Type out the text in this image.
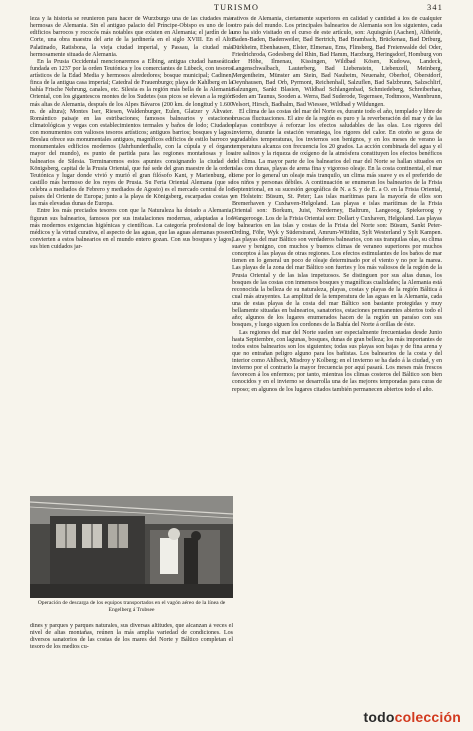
TURISMO	341

leza y la historia se reunieron para hacer de Wurzburgo una de las ciudades más hermosas de Alemania. Sin el antiguo palacio del Príncipe-Obispo es uno de los edificios barrocos y rococós más notables que existen en Alemania; el jardín de la Corte, una obra maestra del arte de la jardinería en el siglo XVIII. En el Alto Palatinado, Ratisbona, la vieja ciudad imperial, y Passau, la ciudad más hermosamente situada de Alemania.

En la Prusia Occidental mencionaremos a Elbing, antigua ciudad hanseática fundada en 1237 por la orden Teutónica y los comerciantes de Lübeck, con tesoros artísticos de la Edad Media y hermosos alrededores; bosque municipal; Cadinen, finca de la antigua casa imperial; Catedral de Frauenburgo; playa de Kahlberg en la bahía Frische Nehrung, canales, etc. Silesia es la región más bella de la Alemania Oriental, con los gigantescos montes de los Sudetes (sus picos se elevan a la región más altas de Alemania, después de los Alpes Bávaros (200 km. de longitud y 1.600 m. de altura); Montes Iser, Riesen, Waldenburger, Eulen, Glatzer y Altvater. Romántico paisaje en las estribaciones; famosos balnearios y estaciones climatológicas y vegas con establecimientos termales y baños de lodo; Ciudades con monumentos con valiosos tesoros artísticos; antiguos barrios; bosques y lagos. Breslau ofrece sus monumentales antiguos, magníficos edificios de estilo barroco y monumentales edificios modernos (Jahrhunderthalle, con la cúpula y el órgano mayor del mundo), es punto de partida para las regiones montañosas y los balnearios de Silesia. Terminaremos estos apuntes consignando la ciudad de Königsberg, capital de la Prusia Oriental, que fué sede del gran maestre de la orden Teutónica y lugar donde vivió y murió el gran filósofo Kant, y Marienburg, el castillo más hermoso de los reyes de Prusia. Su Feria Oriental Alemana (que se celebra a mediados de Febrero y mediados de Agosto) es el mercado central de los países del Oriente de Europa; junto a la playa de Königsberg, escarpadas costas y las más elevadas dunas de Europa.

Entre los más preciados tesoros con que la Naturaleza ha dotado a Alemania, figuran sus balnearios, famosos por sus instalaciones modernas, adaptadas a los más modernos exigencias higiénicas y científicas. La categoría profesional de los médicos y la virtud curativa, el aspecto de las aguas, que las aguas alemanas poseen convierten a estos balnearios en el mundo entero gozan. Con sus bosques y lagos, sus bien cuidados jar-

Operación de descarga de los equipos transportados en el vagón aéreo de la línea de Engelberg á Trubsee

dines y parques y parques naturales, sus diversas altitudes, que alcanzan á veces el nivel de altas montañas, reúnen la más amplia variedad de condiciones. Los diversos sanatorios de las costas de los mares del Norte y Báltico completan el tesoro de los medios cu-

rativos de Alemania, ciertamente superiores en calidad y cantidad á los de cualquier otro país del mundo. Los principales balnearios de Alemania son los siguientes, cada uno ha sido visitado en el curso de este artículo, son: Aquisgrán (Aachen), Altheide, Baden-Baden, Badenweiler, Bad Bertrich, Bad Brambach, Brückenau, Bad Driburg, Dürkheim, Ebenhausen, Elster, Elmenau, Ems, Flinsberg, Bad Freienwalde del Oder, Friedrichroda, Godesberg del Rhin, Bad Hamm, Harzburg, Heringsdorf, Homburg von der Höhe, Ilmenau, Kissingen, Wildbad Kösen, Kudowa, Landeck, Langenschwalbach, Lauterberg, Bad Liebenstein, Liebenzell, Meinberg, Mergentheim, Münster am Stein, Bad Nauheim, Neuenahr, Oberhof, Oberstdorf, Oeynhausen, Bad Orb, Pyrmont, Reichenhall, Salzuflen, Bad Salzbrunn, Salzschlirf, Salzungen, Sankt Blasien, Wildbad Schlangenbad, Schmiedeberg, Schreiberhau, Soden am Taunus, Sooden a. Werra, Bad Suderode, Tegernsee, Todtmoos, Wannbrunn, Velsort, Hirsch, Badhalm, Bad Wiessee, Wildbad y Wildungen.

El clima de las costas del mar del Norte es, durante todo el año, templado y libre de bruscas fluctuaciones. El aire de la región es puro y la reverberación del mar y de las playas contribuye á reforzar los efectos saludables de las olas. Los rigores del invierno, durante la estación veraniega, los rigores del calor. En otoño se goza de agradables temperaturas, los inviernos son benignos, y en los meses de verano la temperatura alcanza con frecuencia los 20 grados. La acción combinada del agua y el aire salinos y la riqueza de oxígeno de la atmósfera constituyen los efectos benéficos del clima. La mayor parte de los balnearios del mar del Norte se hallan situados en islas con dunas, playas de arena fina y vigoroso oleaje. En la costa continental, el mar tiene por lo general un oleaje más tranquilo, un clima más suave y es el preferido de los niños y personas débiles. A continuación se enumeran los balnearios de la Frisia Septentrional, en su sucesión geográfica de N. a S. y de E. a O. en la Frisia Oriental, en Holstein: Büsum, St. Peter; Las islas marítimas para la mayoría de ellos son Bremerhaven y Cuxhaven-Helgoland. Las playas e islas marítimas de la Frisia Oriental son: Borkum, Juist, Norderney, Baltrum, Langeoog, Spiekeroog y Wangerooge. Los de la Frisia Oriental son: Dollart y Cuxhaven, Helgoland. Las playas y balnearios en las islas y costas de la Frisia del Norte son: Büsum, Sankt Peter-Ording, Föhr, Wyk y Süderstrand, Amrum-Wittdün, Sylt Westerland y Sylt Kampen. Las playas del mar Báltico son verdaderos balnearios, con sus tranquilas olas, su clima suave y benigno, con muchos y buenos climas de veraneo superiores por muchos conceptos á las playas de otras regiones. Los efectos estimulantes de los baños de mar tienen en lo general un poco de oleaje determinado por el viento y no por la marea. Las playas de la zona del mar Báltico son fuertes y los más valiosos de la región de la Prusia Oriental y de las islas impetuosos. Se distinguen por sus altas dunas, los bosques de las costas con inmensos bosques y magníficas cualidades; la Alemania está reconocida la belleza de su naturaleza, playas, costas y playas de la región Báltica á cual más atrayentes. La amplitud de la temperatura de las aguas en la Alemania, cada una de estas playas de la costa del mar Báltico son bastante protegidas y muy bellamente situadas en balnearios, sanatorios, estaciones permanentes abiertos todo el año; algunos de los lugares enumerados hacen de la región un paraíso con sus bosques, y luego siguen los cordones de la Bahía del Norte á orillas de éste.

Las regiones del mar del Norte suelen ser especialmente frecuentadas desde Junio hasta Septiembre, con lagunas, bosques, dunas de gran belleza; los más importantes de todos estos balnearios son los siguientes; todas sus playas son bajas y de fina arena y que no entrañan peligro alguno para los bañistas. Los balnearios de la costa y del interior como Ahlbeck, Misdroy y Kolberg; en el invierno se ha dado á la ciudad, y en invierno por el contrario la mayor frecuencia por aquí pasará. Los meses más frescos favorecen á los enfermos; por tanto, mientras los climas costeros del Báltico son bien conocidos y en el invierno se desarrolla una de las mejores temporadas para curas de reposo; en algunos de los lugares citados también permanecen abiertos todo el año.

todocolección
